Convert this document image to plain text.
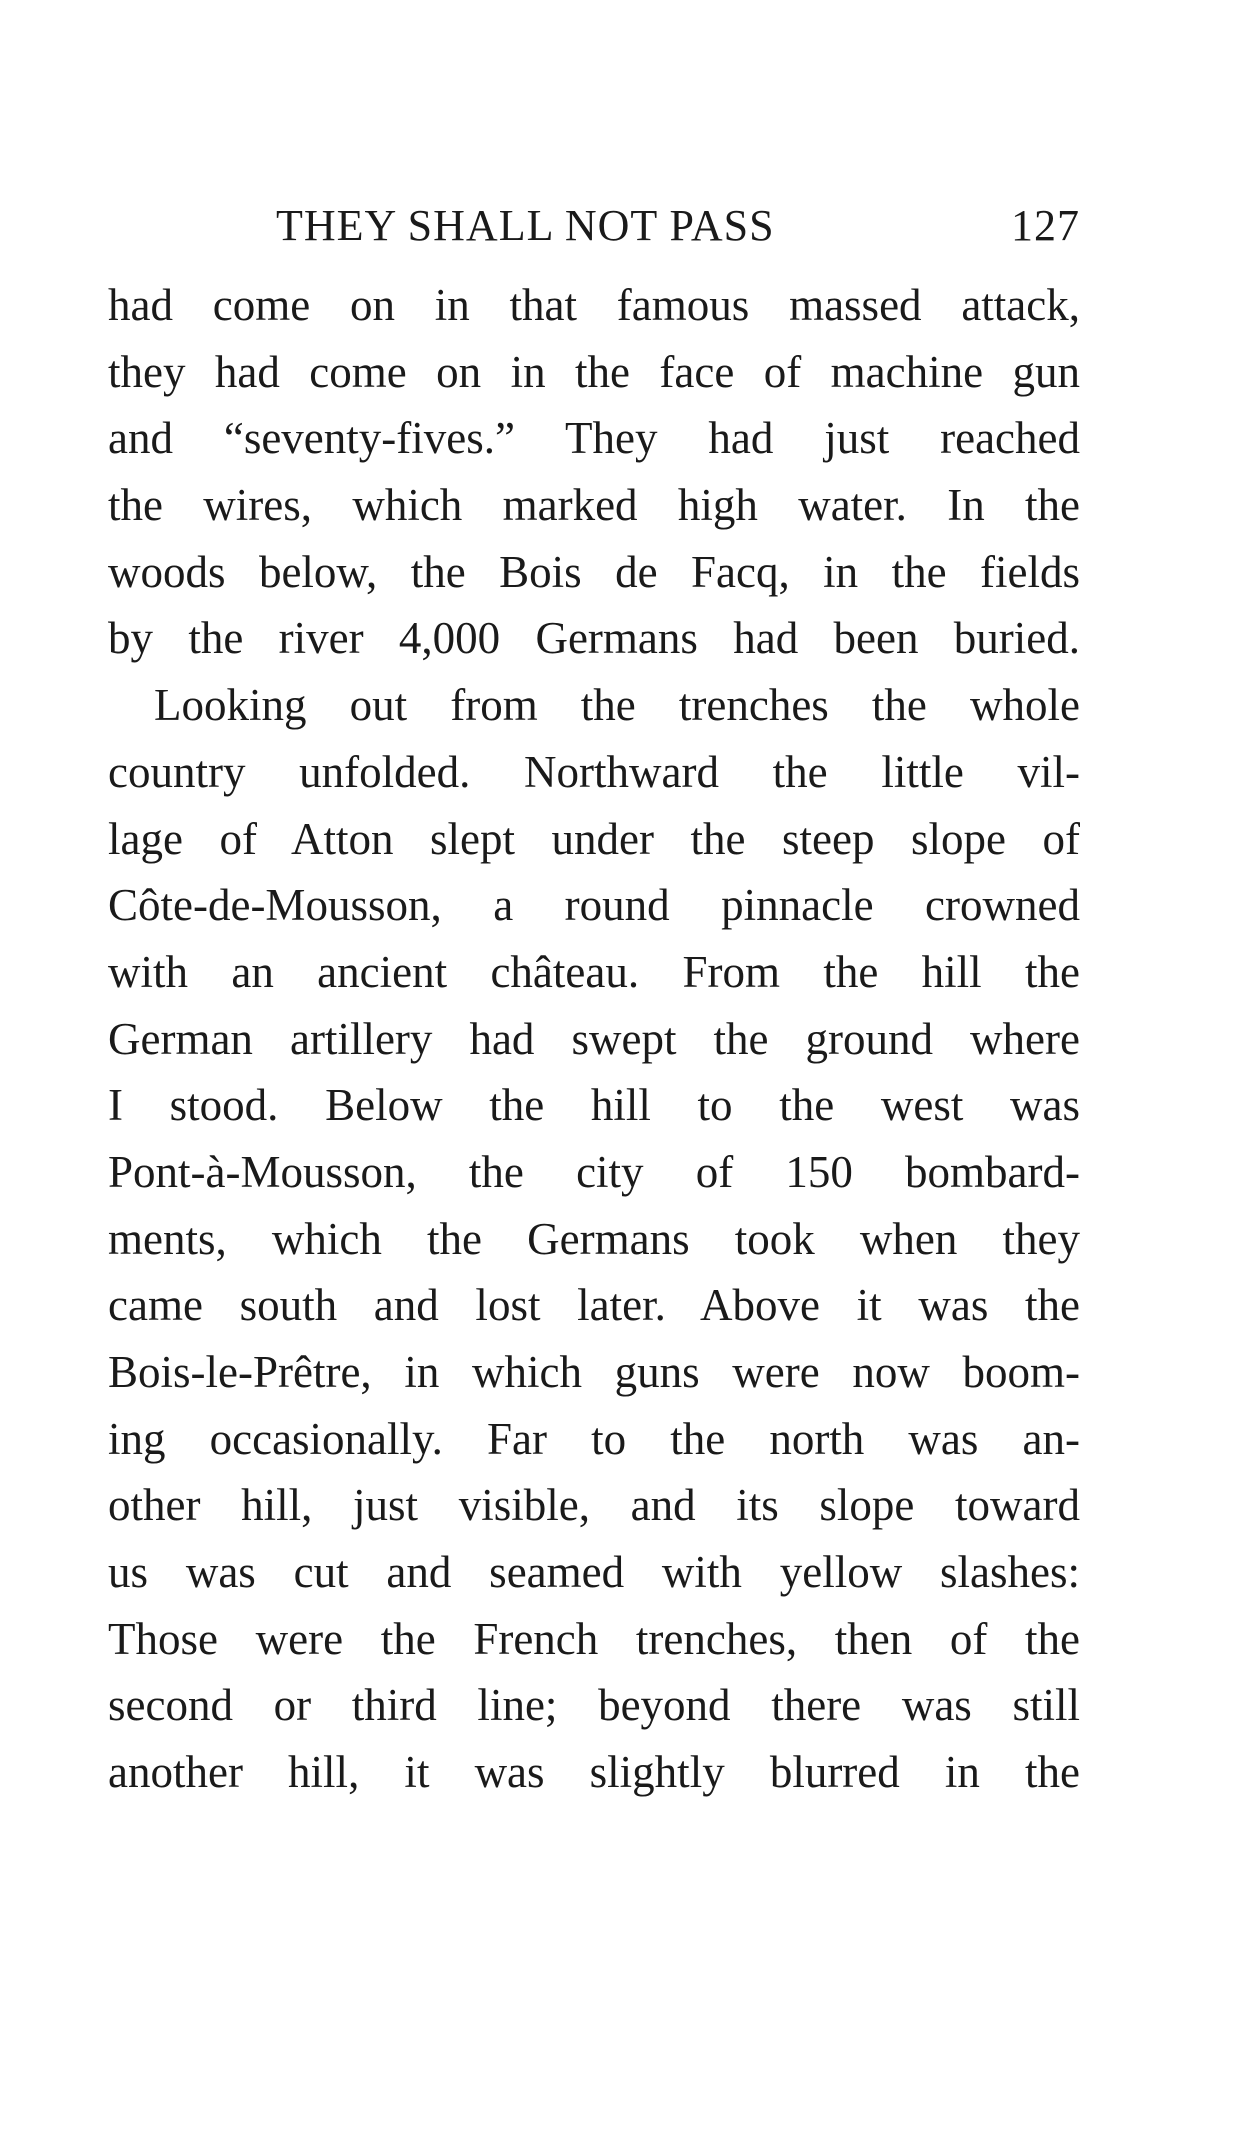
THEY SHALL NOT PASS	127
had come on in that famous massed attack,
they had come on in the face of machine gun
and “seventy-fives.” They had just reached
the wires, which marked high water. In the
woods below, the Bois de Facq, in the fields
by the river 4,000 Germans had been buried.
Looking out from the trenches the whole
country unfolded. Northward the little vil-
lage of Atton slept under the steep slope of
Côte-de-Mousson, a round pinnacle crowned
with an ancient château. From the hill the
German artillery had swept the ground where
I stood. Below the hill to the west was
Pont-à-Mousson, the city of 150 bombard-
ments, which the Germans took when they
came south and lost later. Above it was the
Bois-le-Prêtre, in which guns were now boom-
ing occasionally. Far to the north was an-
other hill, just visible, and its slope toward
us was cut and seamed with yellow slashes:
Those were the French trenches, then of the
second or third line; beyond there was still
another hill, it was slightly blurred in the
